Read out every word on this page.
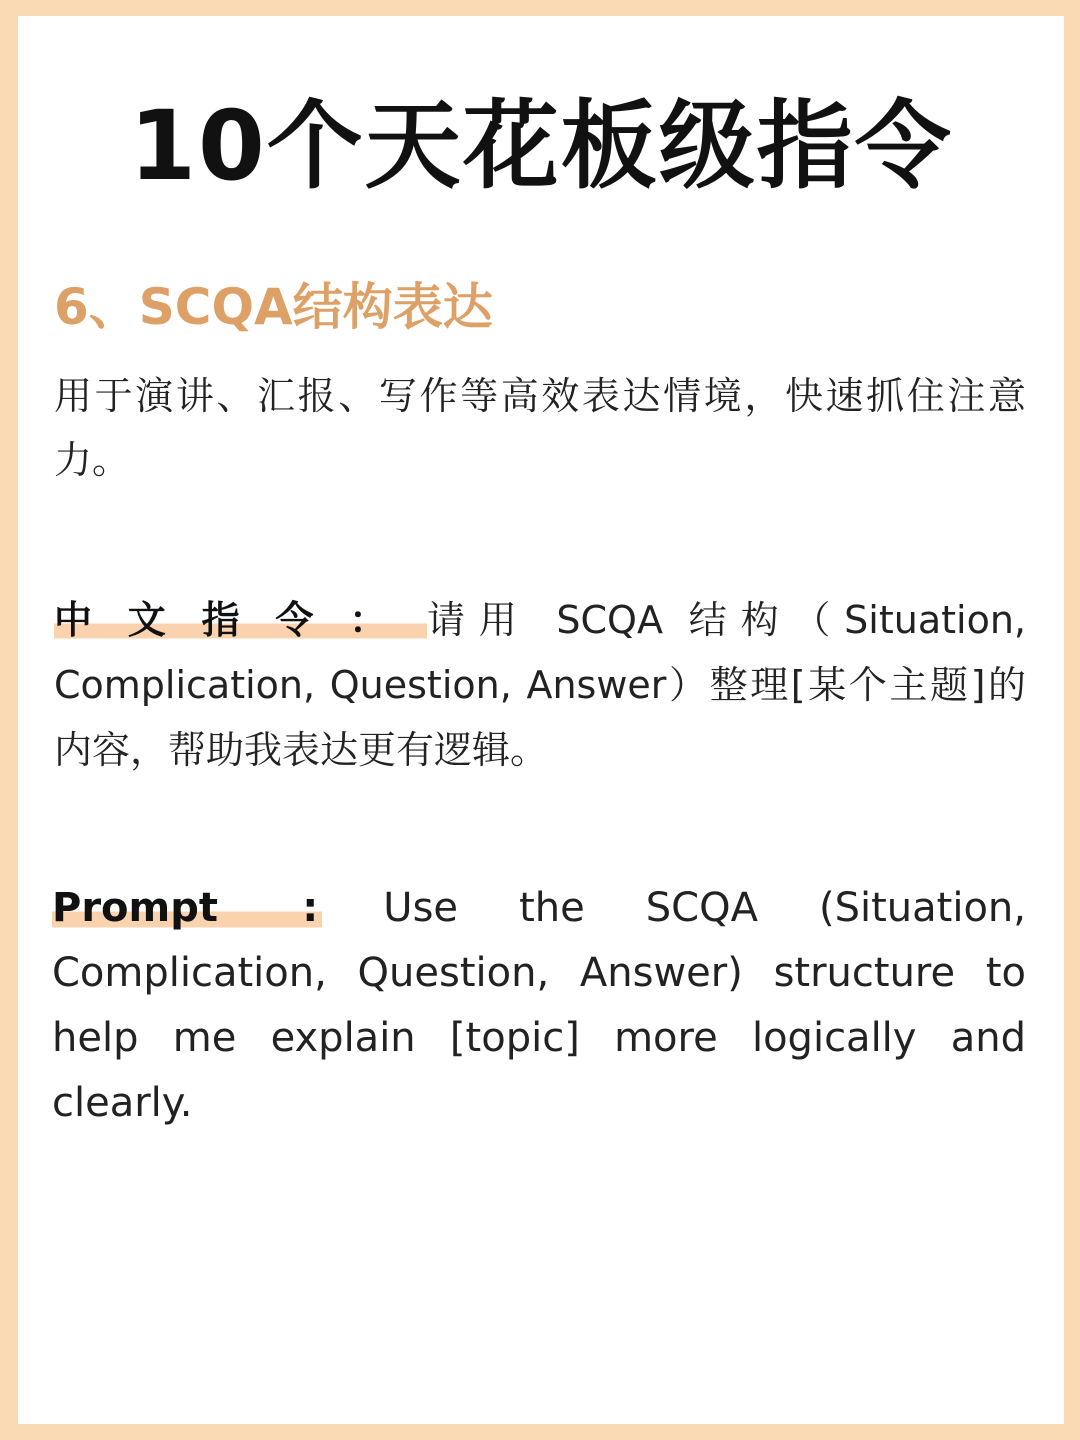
10个天花板级指令
6、SCQA结构表达
用于演讲、汇报、写作等高效表达情境，快速抓住注意力。
中文指令： 请用 SCQA 结构（Situation, Complication, Question, Answer）整理[某个主题]的内容，帮助我表达更有逻辑。
Prompt : Use the SCQA (Situation, Complication, Question, Answer) structure to help me explain [topic] more logically and clearly.
